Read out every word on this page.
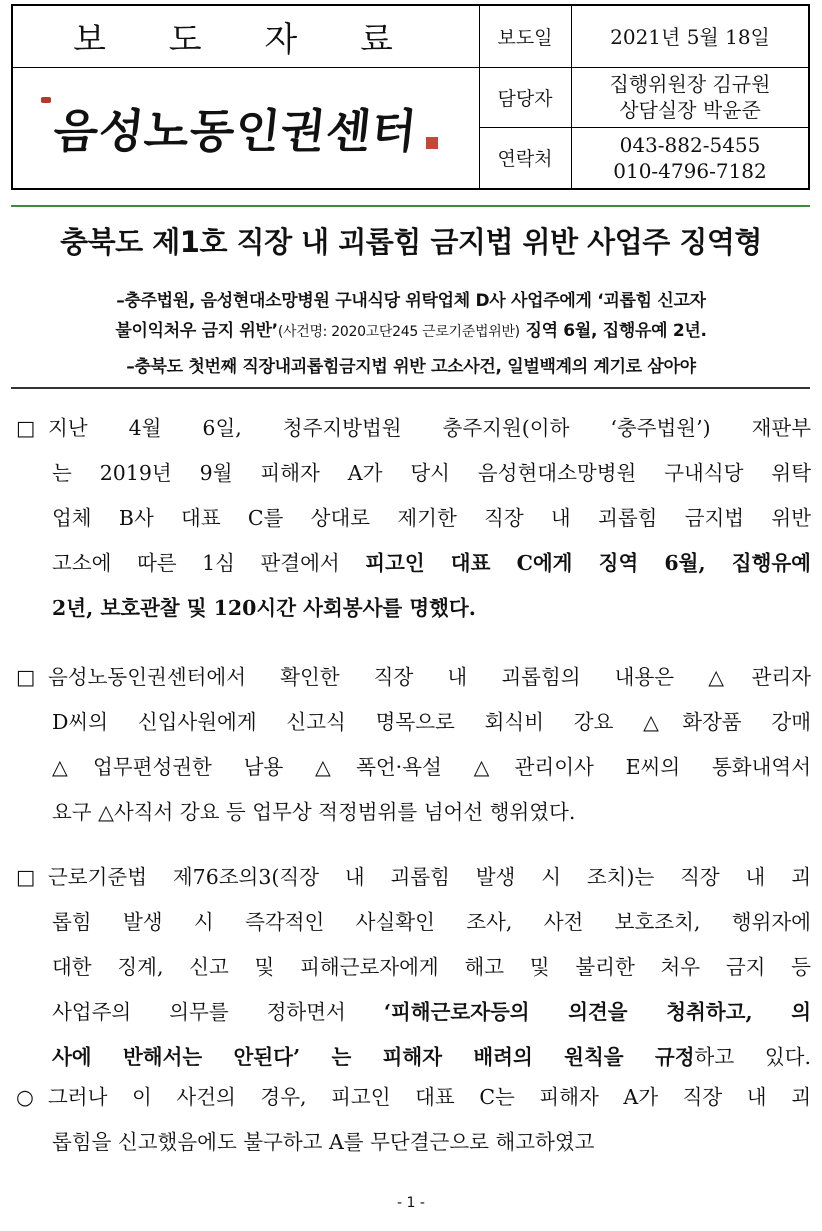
보 도 자 료
음성노동인권센터
보도일	2021년 5월 18일
담당자
집행위원장 김규원
상담실장 박윤준
연락처
043-882-5455
010-4796-7182
충북도 제1호 직장 내 괴롭힘 금지법 위반 사업주 징역형
–충주법원, 음성현대소망병원 구내식당 위탁업체 D사 사업주에게 ‘괴롭힘 신고자
불이익처우 금지 위반’(사건명: 2020고단245 근로기준법위반) 징역 6월, 집행유예 2년.
–충북도 첫번째 직장내괴롭힘금지법 위반 고소사건, 일벌백계의 계기로 삼아야
□ 지난 4월 6일, 청주지방법원 충주지원(이하 ‘충주법원’) 재판부
는 2019년 9월 피해자 A가 당시 음성현대소망병원 구내식당 위탁
업체 B사 대표 C를 상대로 제기한 직장 내 괴롭힘 금지법 위반
고소에 따른 1심 판결에서 피고인 대표 C에게 징역 6월, 집행유예
2년, 보호관찰 및 120시간 사회봉사를 명했다.
□ 음성노동인권센터에서 확인한 직장 내 괴롭힘의 내용은 △관리자
D씨의 신입사원에게 신고식 명목으로 회식비 강요 △화장품 강매
△업무편성권한 남용 △폭언·욕설 △관리이사 E씨의 통화내역서
요구 △사직서 강요 등 업무상 적정범위를 넘어선 행위였다.
□ 근로기준법 제76조의3(직장 내 괴롭힘 발생 시 조치)는 직장 내 괴
롭힘 발생 시 즉각적인 사실확인 조사, 사전 보호조치, 행위자에
대한 징계, 신고 및 피해근로자에게 해고 및 불리한 처우 금지 등
사업주의 의무를 정하면서 ‘피해근로자등의 의견을 청취하고, 의
사에 반해서는 안된다’ 는 피해자 배려의 원칙을 규정하고 있다.
○ 그러나 이 사건의 경우, 피고인 대표 C는 피해자 A가 직장 내 괴
롭힘을 신고했음에도 불구하고 A를 무단결근으로 해고하였고
- 1 -
